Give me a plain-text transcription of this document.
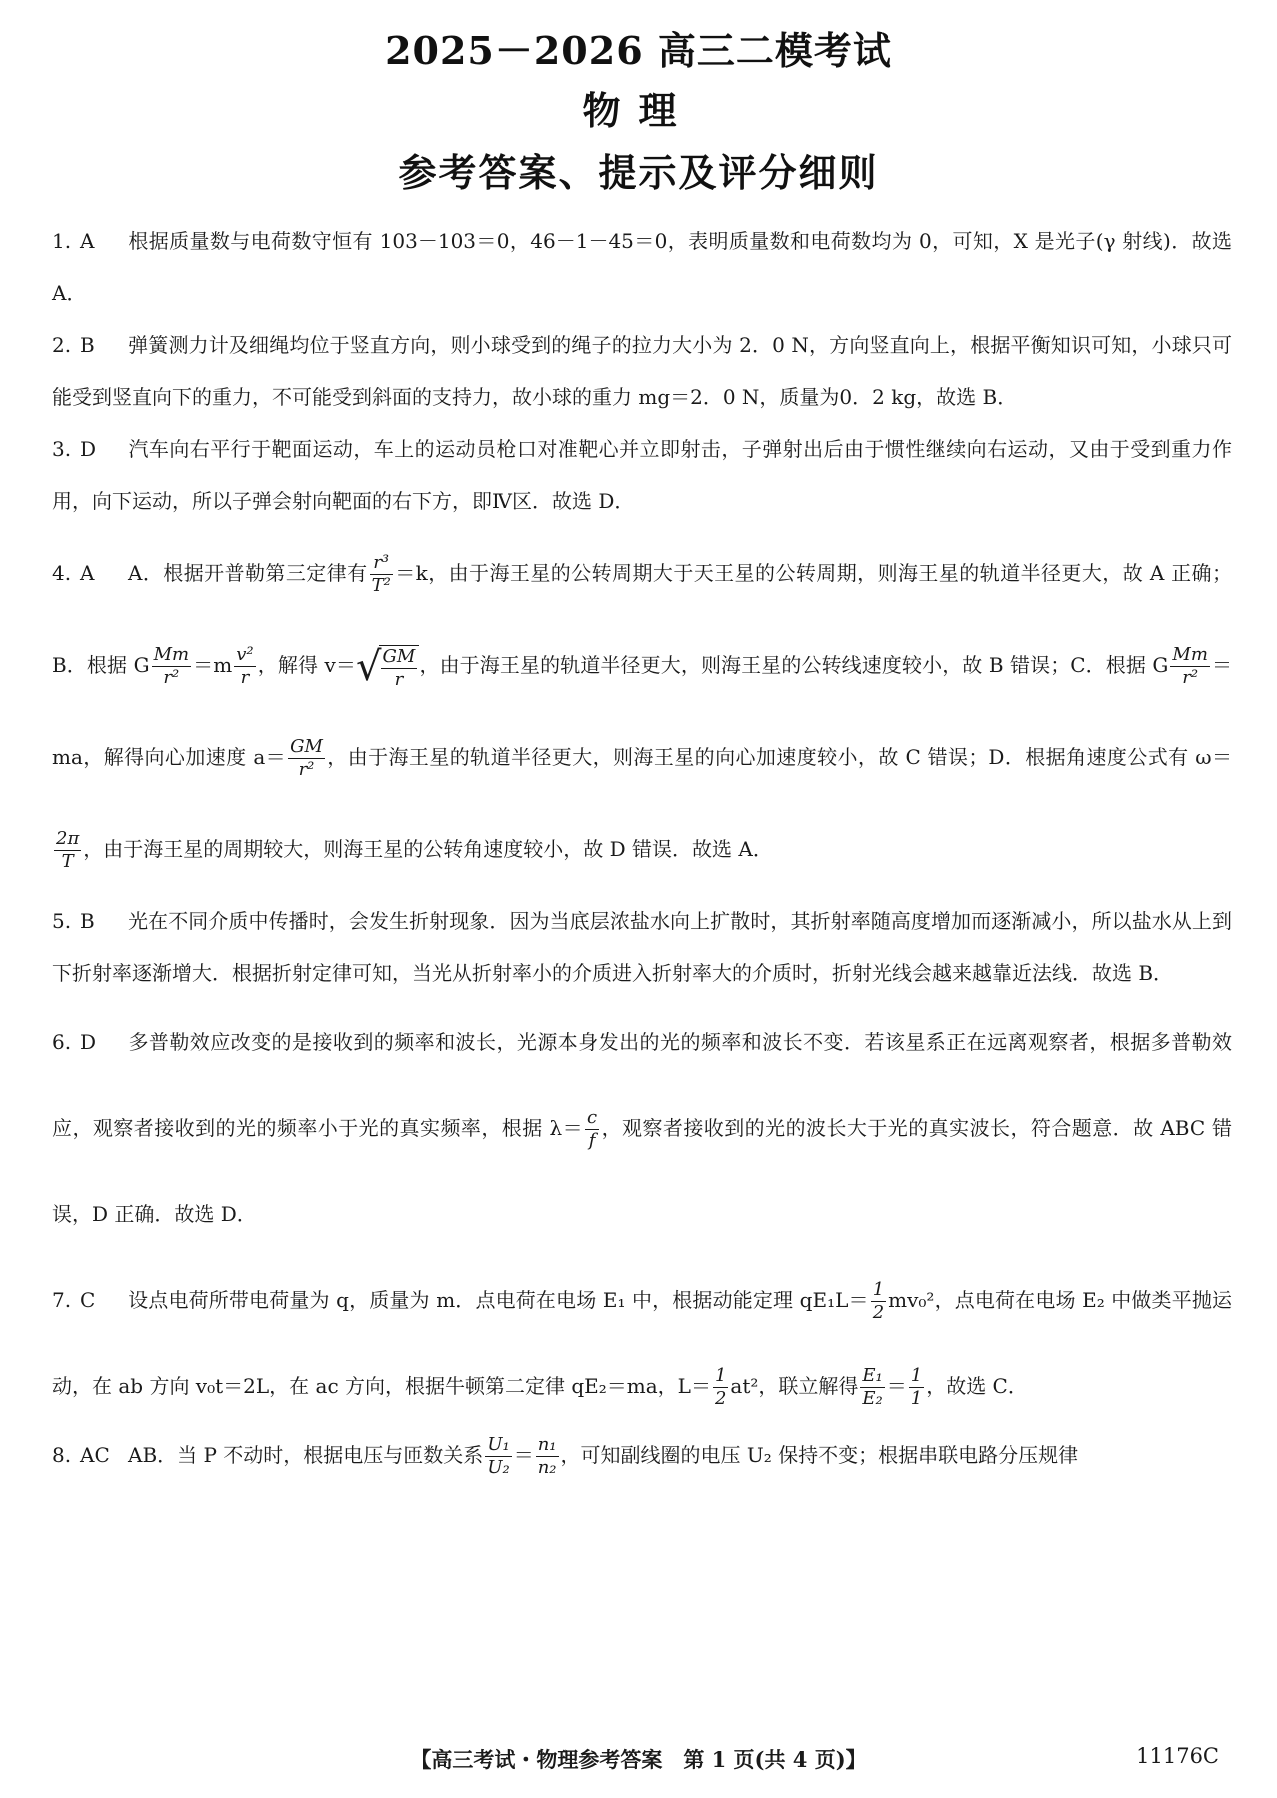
2025－2026 高三二模考试
物理
参考答案、提示及评分细则
1. A 根据质量数与电荷数守恒有 103－103＝0，46－1－45＝0，表明质量数和电荷数均为 0，可知，X 是光子(γ 射线)．故选 A．
2. B 弹簧测力计及细绳均位于竖直方向，则小球受到的绳子的拉力大小为 2．0 N，方向竖直向上，根据平衡知识可知，小球只可能受到竖直向下的重力，不可能受到斜面的支持力，故小球的重力 mg＝2．0 N，质量为0．2 kg，故选 B．
3. D 汽车向右平行于靶面运动，车上的运动员枪口对准靶心并立即射击，子弹射出后由于惯性继续向右运动，又由于受到重力作用，向下运动，所以子弹会射向靶面的右下方，即Ⅳ区．故选 D．
4. A A．根据开普勒第三定律有 $\frac{\text{r³}}{\text{T²}} =k$，由于海王星的公转周期大于天王星的公转周期，则海王星的轨道半径更大，故 A 正确；B．根据 G $\frac{Mm}{\text{r²}} =m \frac{\text{v²}}{r}$ ，解得 $v=√ \frac{GM}{r}$ ，由于海王星的轨道半径更大，则海王星的公转线速度较小，故 B 错误；C．根据 G $\frac{Mm}{\text{r²}} =ma$，解得向心加速度 $a= \frac{GM}{\text{r²}}$ ，由于海王星的轨道半径更大，则海王星的向心加速度较小，故 C 错误；D．根据角速度公式有 ω＝
$\frac{2\pi}{T}$ ，由于海王星的周期较大，则海王星的公转角速度较小，故 D 错误．故选 A．
5. B 光在不同介质中传播时，会发生折射现象．因为当底层浓盐水向上扩散时，其折射率随高度增加而逐渐减小，所以盐水从上到下折射率逐渐增大．根据折射定律可知，当光从折射率小的介质进入折射率大的介质时，折射光线会越来越靠近法线．故选 B．
6. D 多普勒效应改变的是接收到的频率和波长，光源本身发出的光的频率和波长不变．若该星系正在远离观察者，根据多普勒效应，观察者接收到的光的频率小于光的真实频率，根据 $\lambda= \frac{c}{f}$ ，观察者接收到的光的波长大于光的真实波长，符合题意．故 ABC 错误，D 正确．故选 D．
7. C 设点电荷所带电荷量为 q，质量为 m．点电荷在电场 E₁ 中，根据动能定理 $qE_1L= \frac{1}{2} mv_0^2$，点电荷在电场 E₂ 中做类平抛运动，在 ab 方向 v₀t＝2L，在 ac 方向，根据牛顿第二定律 qE₂＝ma，$L= \frac{1}{2} at^2$，联立解得 $\frac{\text{E₁}}{\text{E₂}} = \frac{1}{1}$ ，故选 C．
8. AC AB．当 P 不动时，根据电压与匝数关系 $\frac{\text{U₁}}{\text{U₂}} = \frac{\text{n₁}}{\text{n₂}}$ ，可知副线圈的电压 U₂ 保持不变；根据串联电路分压规律
【高三考试・物理参考答案　第 1 页(共 4 页)】	11176C
